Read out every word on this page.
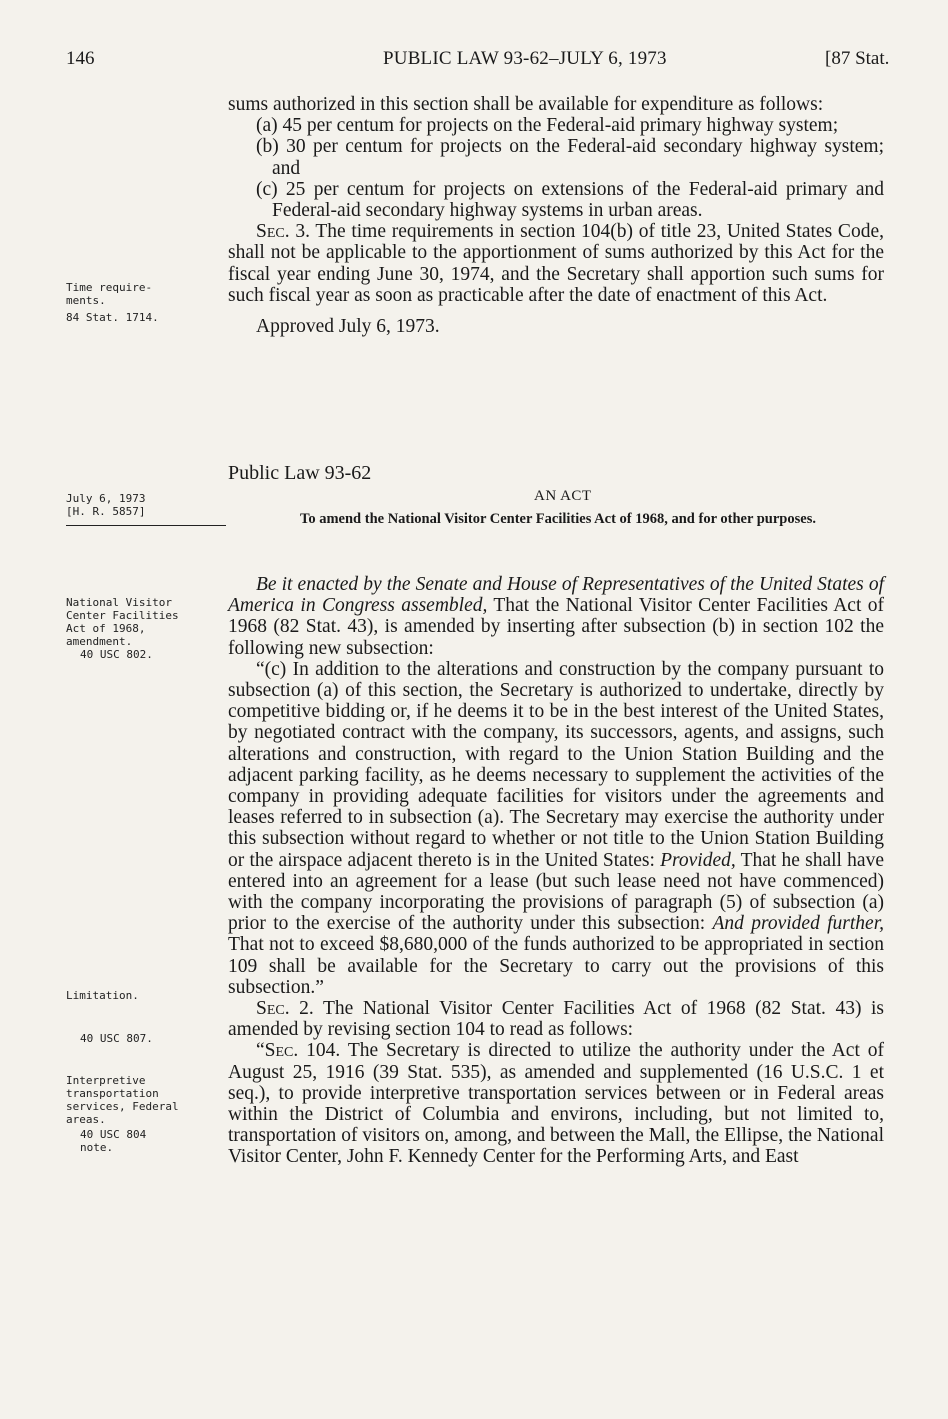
146	PUBLIC LAW 93-62–JULY 6, 1973	[87 Stat.

sums authorized in this section shall be available for expenditure as follows:

(a) 45 per centum for projects on the Federal-aid primary highway system;

(b) 30 per centum for projects on the Federal-aid secondary highway system; and

(c) 25 per centum for projects on extensions of the Federal-aid primary and Federal-aid secondary highway systems in urban areas.

Sec. 3. The time requirements in section 104(b) of title 23, United States Code, shall not be applicable to the apportionment of sums authorized by this Act for the fiscal year ending June 30, 1974, and the Secretary shall apportion such sums for such fiscal year as soon as practicable after the date of enactment of this Act.

Approved July 6, 1973.

Time require-
ments.
84 Stat. 1714.
Public Law 93-62
AN ACT
July 6, 1973
[H. R. 5857]	To amend the National Visitor Center Facilities Act of 1968, and for other purposes.

Be it enacted by the Senate and House of Representatives of the United States of America in Congress assembled, That the National Visitor Center Facilities Act of 1968 (82 Stat. 43), is amended by inserting after subsection (b) in section 102 the following new subsection:

“(c) In addition to the alterations and construction by the company pursuant to subsection (a) of this section, the Secretary is authorized to undertake, directly by competitive bidding or, if he deems it to be in the best interest of the United States, by negotiated contract with the company, its successors, agents, and assigns, such alterations and construction, with regard to the Union Station Building and the adjacent parking facility, as he deems necessary to supplement the activities of the company in providing adequate facilities for visitors under the agreements and leases referred to in subsection (a). The Secretary may exercise the authority under this subsection without regard to whether or not title to the Union Station Building or the airspace adjacent thereto is in the United States: Provided, That he shall have entered into an agreement for a lease (but such lease need not have commenced) with the company incorporating the provisions of paragraph (5) of subsection (a) prior to the exercise of the authority under this subsection: And provided further, That not to exceed $8,680,000 of the funds authorized to be appropriated in section 109 shall be available for the Secretary to carry out the provisions of this subsection.”

Sec. 2. The National Visitor Center Facilities Act of 1968 (82 Stat. 43) is amended by revising section 104 to read as follows:

“Sec. 104. The Secretary is directed to utilize the authority under the Act of August 25, 1916 (39 Stat. 535), as amended and supplemented (16 U.S.C. 1 et seq.), to provide interpretive transportation services between or in Federal areas within the District of Columbia and environs, including, but not limited to, transportation of visitors on, among, and between the Mall, the Ellipse, the National Visitor Center, John F. Kennedy Center for the Performing Arts, and East

National Visitor
Center Facilities
Act of 1968,
amendment.
40 USC 802.
Limitation.
40 USC 807.
Interpretive
transportation
services, Federal
areas.
40 USC 804
note.
